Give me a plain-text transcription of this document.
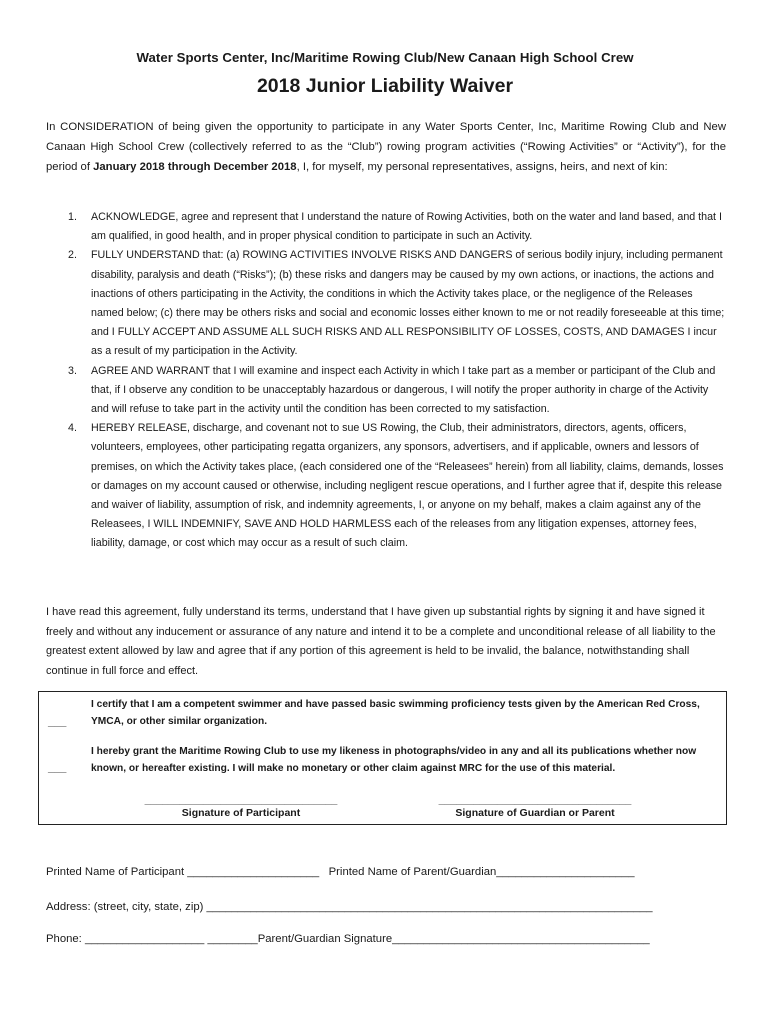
Water Sports Center, Inc/Maritime Rowing Club/New Canaan High School Crew
2018 Junior Liability Waiver
In CONSIDERATION of being given the opportunity to participate in any Water Sports Center, Inc, Maritime Rowing Club and New Canaan High School Crew (collectively referred to as the “Club”) rowing program activities (“Rowing Activities” or “Activity”), for the period of January 2018 through December 2018, I, for myself, my personal representatives, assigns, heirs, and next of kin:
1. ACKNOWLEDGE, agree and represent that I understand the nature of Rowing Activities, both on the water and land based, and that I am qualified, in good health, and in proper physical condition to participate in such an Activity.
2. FULLY UNDERSTAND that: (a) ROWING ACTIVITIES INVOLVE RISKS AND DANGERS of serious bodily injury, including permanent disability, paralysis and death (“Risks”); (b) these risks and dangers may be caused by my own actions, or inactions, the actions and inactions of others participating in the Activity, the conditions in which the Activity takes place, or the negligence of the Releases named below; (c) there may be others risks and social and economic losses either known to me or not readily foreseeable at this time; and I FULLY ACCEPT AND ASSUME ALL SUCH RISKS AND ALL RESPONSIBILITY OF LOSSES, COSTS, AND DAMAGES I incur as a result of my participation in the Activity.
3. AGREE AND WARRANT that I will examine and inspect each Activity in which I take part as a member or participant of the Club and that, if I observe any condition to be unacceptably hazardous or dangerous, I will notify the proper authority in charge of the Activity and will refuse to take part in the activity until the condition has been corrected to my satisfaction.
4. HEREBY RELEASE, discharge, and covenant not to sue US Rowing, the Club, their administrators, directors, agents, officers, volunteers, employees, other participating regatta organizers, any sponsors, advertisers, and if applicable, owners and lessors of premises, on which the Activity takes place, (each considered one of the “Releasees” herein) from all liability, claims, demands, losses or damages on my account caused or otherwise, including negligent rescue operations, and I further agree that if, despite this release and waiver of liability, assumption of risk, and indemnity agreements, I, or anyone on my behalf, makes a claim against any of the Releasees, I WILL INDEMNIFY, SAVE AND HOLD HARMLESS each of the releases from any litigation expenses, attorney fees, liability, damage, or cost which may occur as a result of such claim.
I have read this agreement, fully understand its terms, understand that I have given up substantial rights by signing it and have signed it freely and without any inducement or assurance of any nature and intend it to be a complete and unconditional release of all liability to the greatest extent allowed by law and agree that if any portion of this agreement is held to be invalid, the balance, notwithstanding shall continue in full force and effect.
___
I certify that I am a competent swimmer and have passed basic swimming proficiency tests given by the American Red Cross, YMCA, or other similar organization.
___
I hereby grant the Maritime Rowing Club to use my likeness in photographs/video in any and all its publications whether now known, or hereafter existing. I will make no monetary or other claim against MRC for the use of this material.
_________________________________
Signature of Participant
_________________________________
Signature of Guardian or Parent
Printed Name of Participant _____________________   Printed Name of Parent/Guardian______________________
Address: (street, city, state, zip) _______________________________________________________________________
Phone: ___________________ ________Parent/Guardian Signature_________________________________________
